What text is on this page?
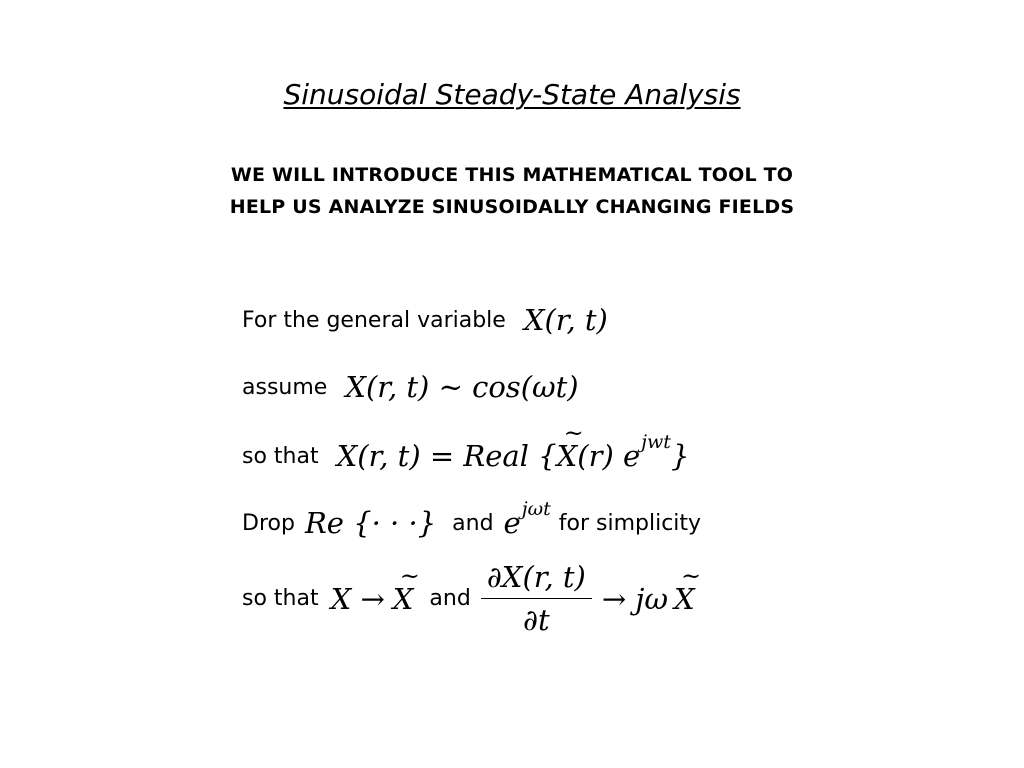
Sinusoidal Steady-State Analysis
WE WILL INTRODUCE THIS MATHEMATICAL TOOL TO
HELP US ANALYZE SINUSOIDALLY CHANGING FIELDS
For the general variable X(r, t)
assume X(r, t) ∼ cos(ωt)
so that X(r, t) = Real { ~ X (r) e jwt }
Drop Re {· · ·} and e jωt
for simplicity
so that X → ~ X and $\frac{\partial X(r, t)}{\partial t} \to j\omega$ ~ X
